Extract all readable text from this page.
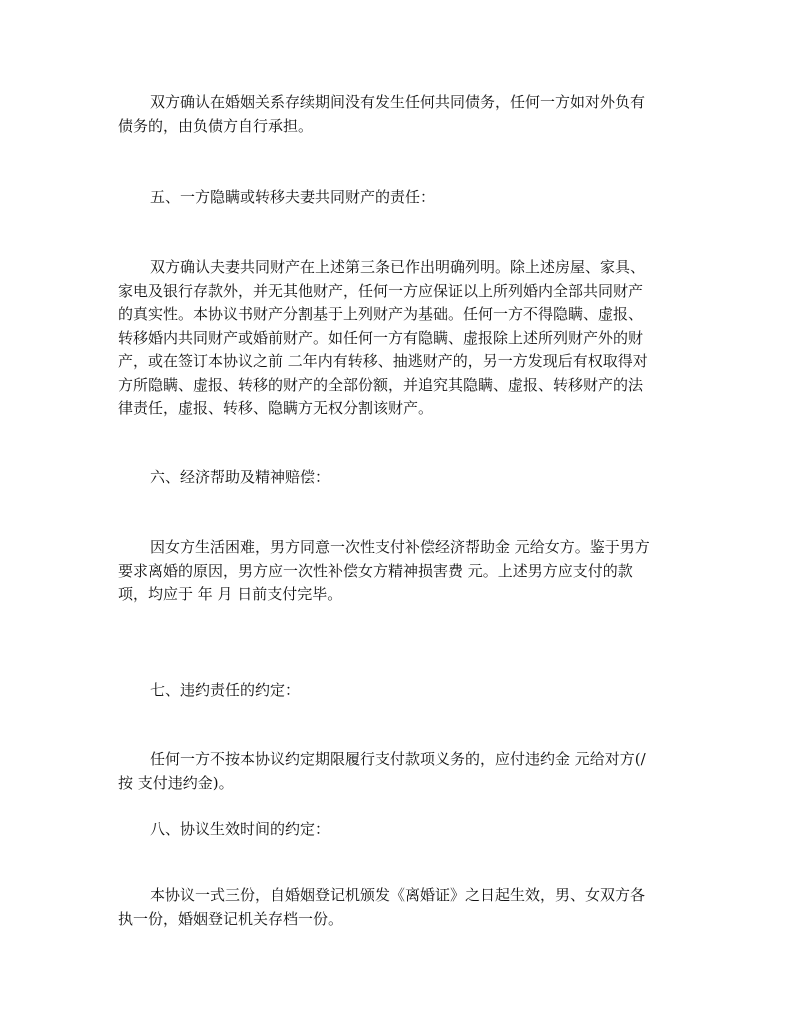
双方确认在婚姻关系存续期间没有发生任何共同债务，任何一方如对外负有
债务的，由负债方自行承担。
五、一方隐瞒或转移夫妻共同财产的责任：
双方确认夫妻共同财产在上述第三条已作出明确列明。除上述房屋、家具、
家电及银行存款外，并无其他财产，任何一方应保证以上所列婚内全部共同财产
的真实性。本协议书财产分割基于上列财产为基础。任何一方不得隐瞒、虚报、
转移婚内共同财产或婚前财产。如任何一方有隐瞒、虚报除上述所列财产外的财
产，或在签订本协议之前 二年内有转移、抽逃财产的，另一方发现后有权取得对
方所隐瞒、虚报、转移的财产的全部份额，并追究其隐瞒、虚报、转移财产的法
律责任，虚报、转移、隐瞒方无权分割该财产。
六、经济帮助及精神赔偿：
因女方生活困难，男方同意一次性支付补偿经济帮助金 元给女方。鉴于男方
要求离婚的原因，男方应一次性补偿女方精神损害费 元。上述男方应支付的款
项，均应于 年 月 日前支付完毕。
七、违约责任的约定：
任何一方不按本协议约定期限履行支付款项义务的，应付违约金 元给对方(/
按 支付违约金)。
八、协议生效时间的约定：
本协议一式三份，自婚姻登记机颁发《离婚证》之日起生效，男、女双方各
执一份，婚姻登记机关存档一份。
